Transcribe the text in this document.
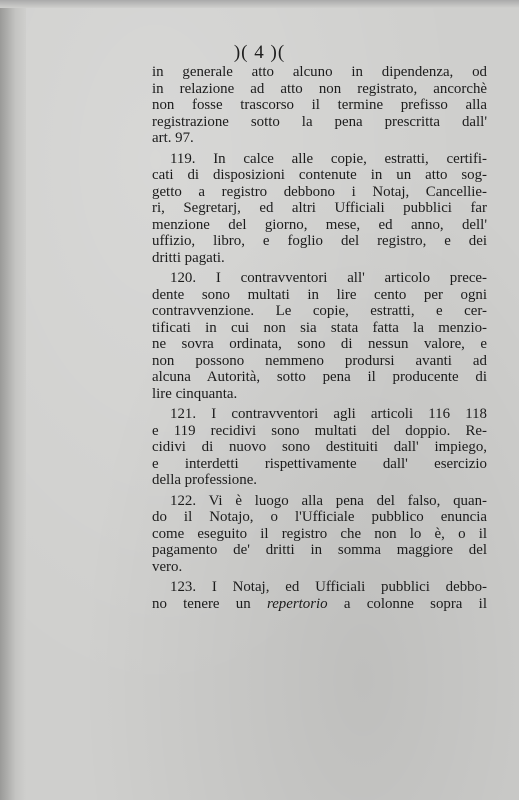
)( 4 )(

in generale atto alcuno in dipendenza, od
in relazione ad atto non registrato, ancorchè
non fosse trascorso il termine prefisso alla
registrazione sotto la pena prescritta dall'
art. 97.

119. In calce alle copie, estratti, certifi-
cati di disposizioni contenute in un atto sog-
getto a registro debbono i Notaj, Cancellie-
ri, Segretarj, ed altri Ufficiali pubblici far
menzione del giorno, mese, ed anno, dell'
uffizio, libro, e foglio del registro, e dei
dritti pagati.

120. I contravventori all' articolo prece-
dente sono multati in lire cento per ogni
contravvenzione. Le copie, estratti, e cer-
tificati in cui non sia stata fatta la menzio-
ne sovra ordinata, sono di nessun valore, e
non possono nemmeno prodursi avanti ad
alcuna Autorità, sotto pena il producente di
lire cinquanta.

121. I contravventori agli articoli 116 118
e 119 recidivi sono multati del doppio. Re-
cidivi di nuovo sono destituiti dall' impiego,
e interdetti rispettivamente dall' esercizio
della professione.

122. Vi è luogo alla pena del falso, quan-
do il Notajo, o l'Ufficiale pubblico enuncia
come eseguito il registro che non lo è, o il
pagamento de' dritti in somma maggiore del
vero.

123. I Notaj, ed Ufficiali pubblici debbo-
no tenere un repertorio a colonne sopra il
